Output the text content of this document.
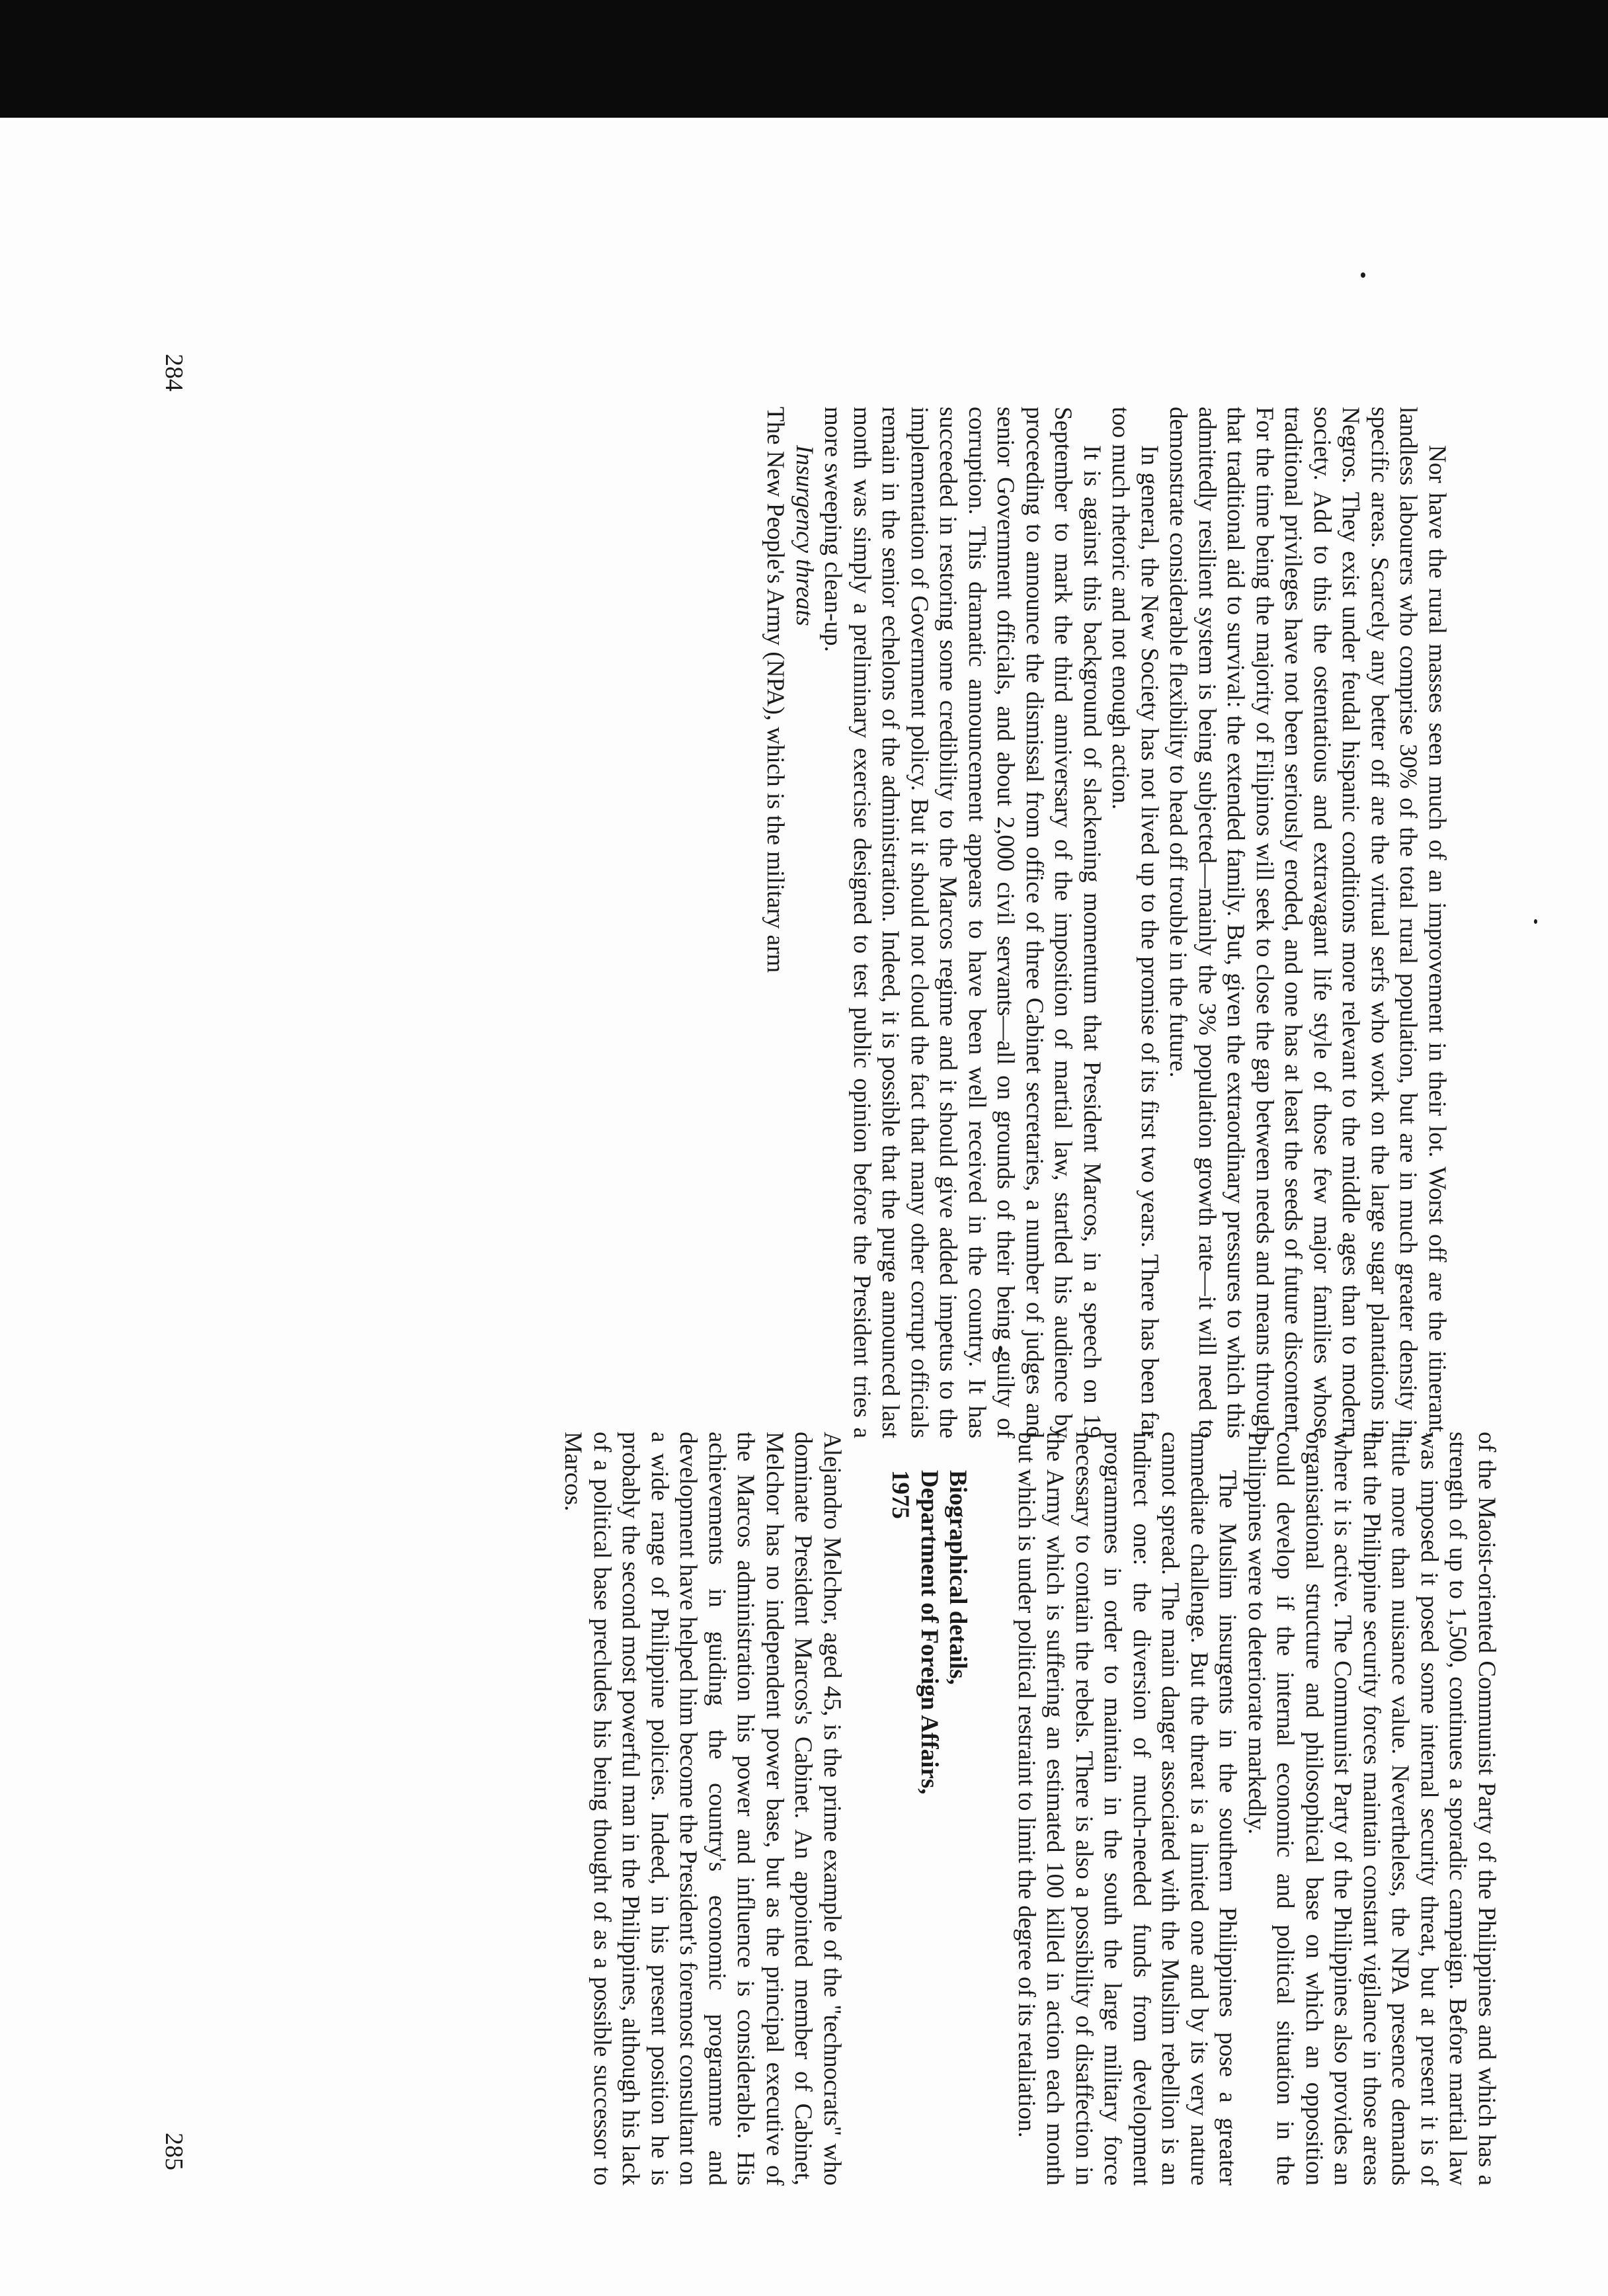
Nor have the rural masses seen much of an improvement in their lot. Worst off are the itinerant, landless labourers who comprise 30% of the total rural population, but are in much greater density in specific areas. Scarcely any better off are the virtual serfs who work on the large sugar plantations in Negros. They exist under feudal hispanic conditions more relevant to the middle ages than to modern society. Add to this the ostentatious and extravagant life style of those few major families whose traditional privileges have not been seriously eroded, and one has at least the seeds of future discontent. For the time being the majority of Filipinos will seek to close the gap between needs and means through that traditional aid to survival: the extended family. But, given the extraordinary pressures to which this admittedly resilient system is being subjected—mainly the 3% population growth rate—it will need to demonstrate considerable flexibility to head off trouble in the future.

In general, the New Society has not lived up to the promise of its first two years. There has been far too much rhetoric and not enough action.

It is against this background of slackening momentum that President Marcos, in a speech on 19 September to mark the third anniversary of the imposition of martial law, startled his audience by proceeding to announce the dismissal from office of three Cabinet secretaries, a number of judges and senior Government officials, and about 2,000 civil servants—all on grounds of their being guilty of corruption. This dramatic announcement appears to have been well received in the country. It has succeeded in restoring some credibility to the Marcos regime and it should give added impetus to the implementation of Government policy. But it should not cloud the fact that many other corrupt officials remain in the senior echelons of the administration. Indeed, it is possible that the purge announced last month was simply a preliminary exercise designed to test public opinion before the President tries a more sweeping clean-up.

Insurgency threats

The New People's Army (NPA), which is the military arm

of the Maoist-oriented Communist Party of the Philippines and which has a strength of up to 1,500, continues a sporadic campaign. Before martial law was imposed it posed some internal security threat, but at present it is of little more than nuisance value. Nevertheless, the NPA presence demands that the Philippine security forces maintain constant vigilance in those areas where it is active. The Communist Party of the Philippines also provides an organisational structure and philosophical base on which an opposition could develop if the internal economic and political situation in the Philippines were to deteriorate markedly.

The Muslim insurgents in the southern Philippines pose a greater immediate challenge. But the threat is a limited one and by its very nature cannot spread. The main danger associated with the Muslim rebellion is an indirect one: the diversion of much-needed funds from development programmes in order to maintain in the south the large military force necessary to contain the rebels. There is also a possibility of disaffection in the Army which is suffering an estimated 100 killed in action each month but which is under political restraint to limit the degree of its retaliation.

Biographical details,

Department of Foreign Affairs,

1975

Alejandro Melchor, aged 45, is the prime example of the "technocrats" who dominate President Marcos's Cabinet. An appointed member of Cabinet, Melchor has no independent power base, but as the principal executive of the Marcos administration his power and influence is considerable. His achievements in guiding the country's economic programme and development have helped him become the President's foremost consultant on a wide range of Philippine policies. Indeed, in his present position he is probably the second most powerful man in the Philippines, although his lack of a political base precludes his being thought of as a possible successor to Marcos.

284
285
